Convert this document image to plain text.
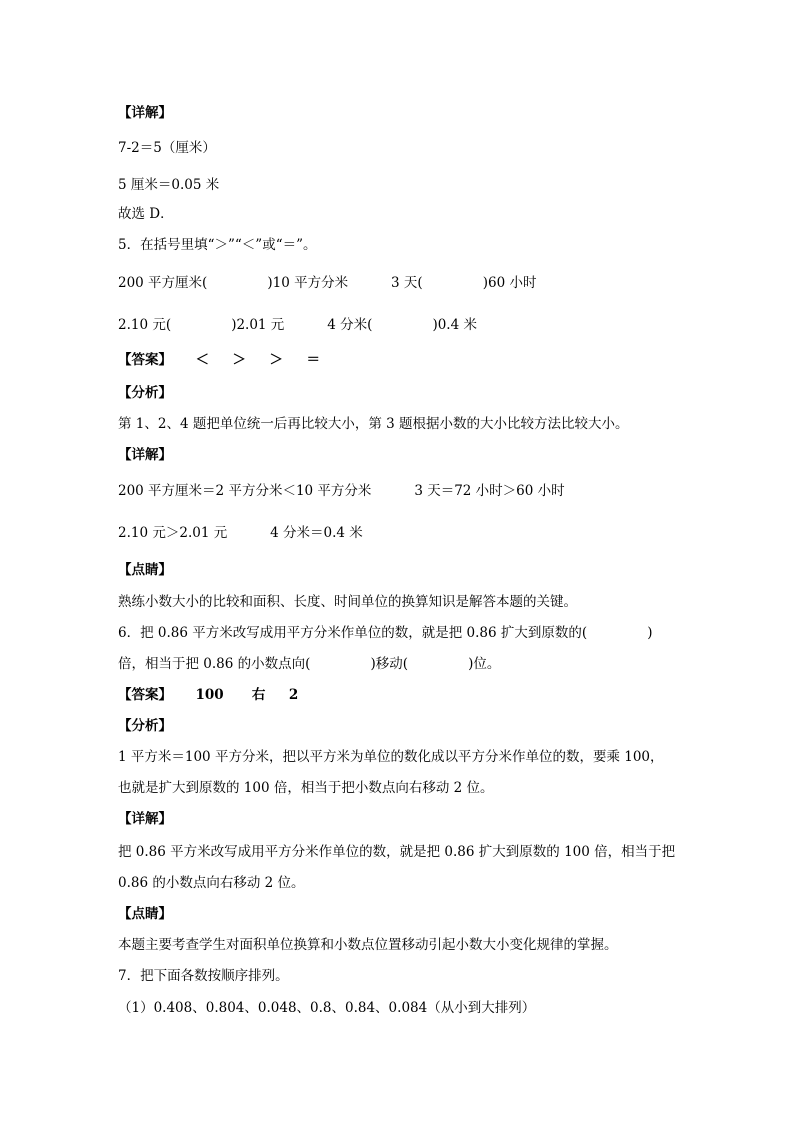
【详解】
7-2＝5（厘米）
5 厘米＝0.05 米
故选 D．
5．在括号里填“＞”“＜”或“＝”。
200 平方厘米(              )10 平方分米          3 天(              )60 小时
2.10 元(              )2.01 元          4 分米(              )0.4 米
【答案】     ＜     ＞     ＞     ＝
【分析】
第 1、2、4 题把单位统一后再比较大小，第 3 题根据小数的大小比较方法比较大小。
【详解】
200 平方厘米＝2 平方分米＜10 平方分米          3 天＝72 小时＞60 小时
2.10 元＞2.01 元          4 分米＝0.4 米
【点睛】
熟练小数大小的比较和面积、长度、时间单位的换算知识是解答本题的关键。
6．把 0.86 平方米改写成用平方分米作单位的数，就是把 0.86 扩大到原数的(              )
倍，相当于把 0.86 的小数点向(              )移动(              )位。
【答案】     100      右     2
【分析】
1 平方米＝100 平方分米，把以平方米为单位的数化成以平方分米作单位的数，要乘 100，
也就是扩大到原数的 100 倍，相当于把小数点向右移动 2 位。
【详解】
把 0.86 平方米改写成用平方分米作单位的数，就是把 0.86 扩大到原数的 100 倍，相当于把
0.86 的小数点向右移动 2 位。
【点睛】
本题主要考查学生对面积单位换算和小数点位置移动引起小数大小变化规律的掌握。
7．把下面各数按顺序排列。
（1）0.408、0.804、0.048、0.8、0.84、0.084（从小到大排列）
